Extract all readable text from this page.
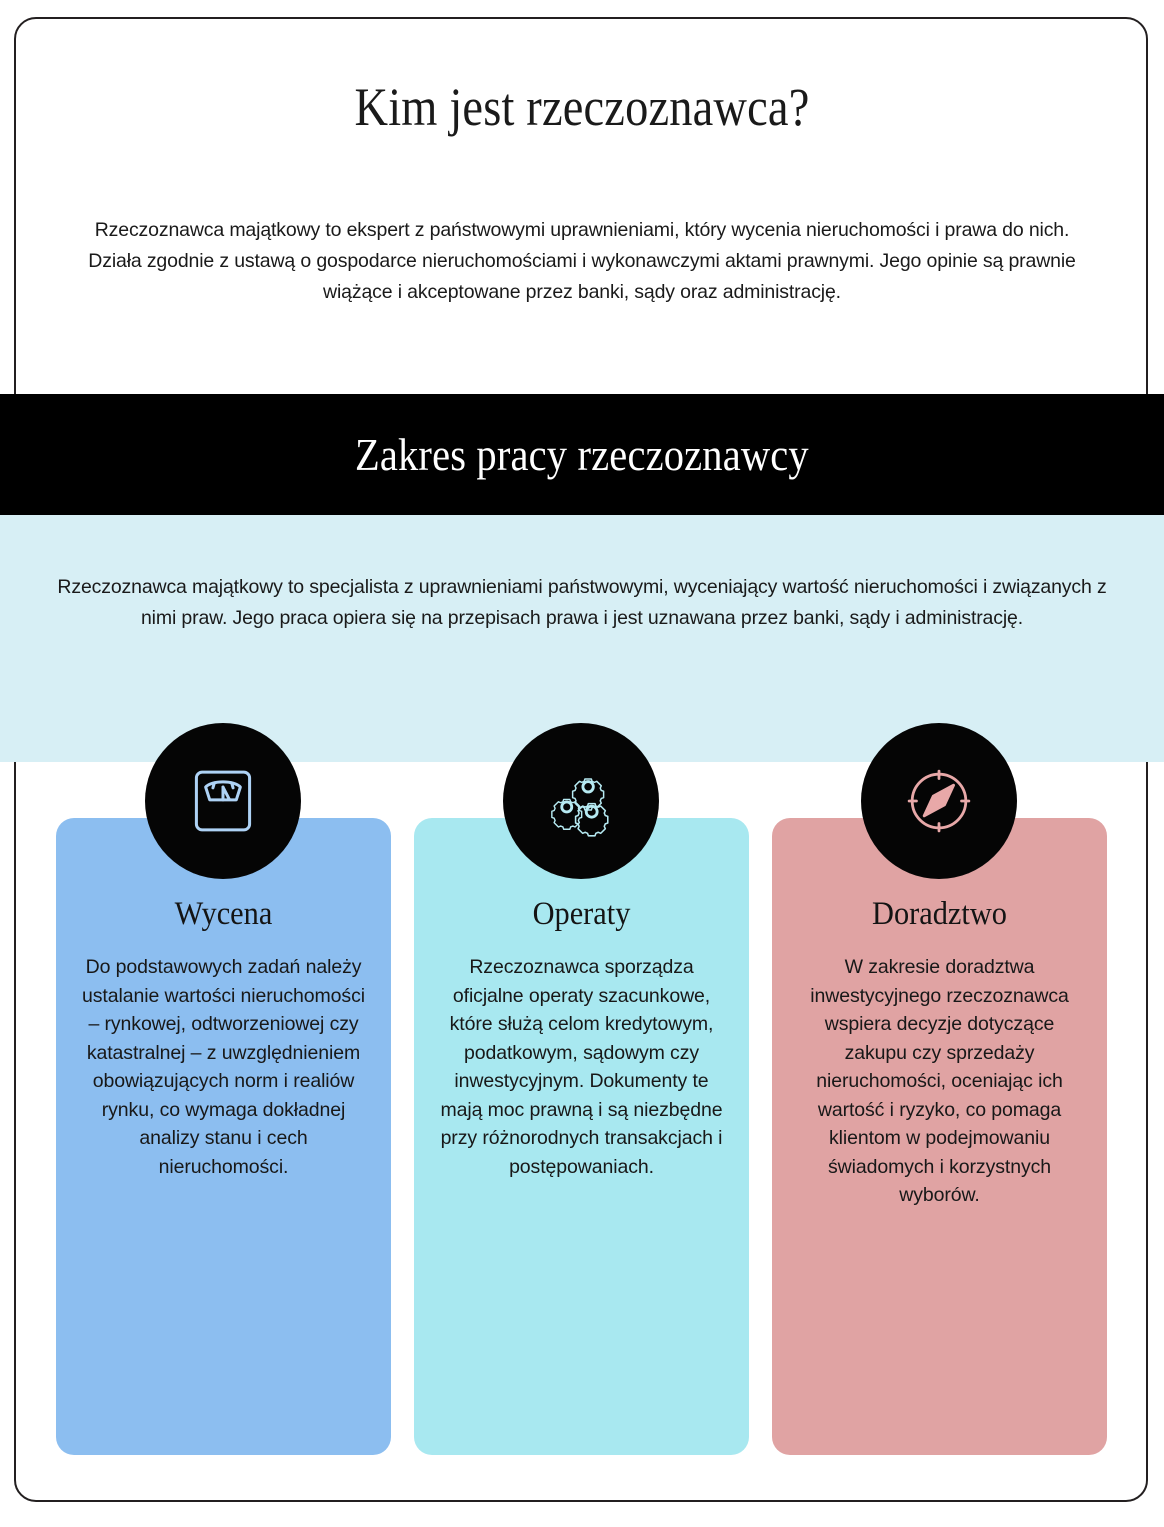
Kim jest rzeczoznawca?
Rzeczoznawca majątkowy to ekspert z państwowymi uprawnieniami, który wycenia nieruchomości i prawa do nich. Działa zgodnie z ustawą o gospodarce nieruchomościami i wykonawczymi aktami prawnymi. Jego opinie są prawnie wiążące i akceptowane przez banki, sądy oraz administrację.
Zakres pracy rzeczoznawcy
Rzeczoznawca majątkowy to specjalista z uprawnieniami państwowymi, wyceniający wartość nieruchomości i związanych z nimi praw. Jego praca opiera się na przepisach prawa i jest uznawana przez banki, sądy i administrację.
Wycena
Do podstawowych zadań należy ustalanie wartości nieruchomości – rynkowej, odtworzeniowej czy katastralnej – z uwzględnieniem obowiązujących norm i realiów rynku, co wymaga dokładnej analizy stanu i cech nieruchomości.
Operaty
Rzeczoznawca sporządza oficjalne operaty szacunkowe, które służą celom kredytowym, podatkowym, sądowym czy inwestycyjnym. Dokumenty te mają moc prawną i są niezbędne przy różnorodnych transakcjach i postępowaniach.
Doradztwo
W zakresie doradztwa inwestycyjnego rzeczoznawca wspiera decyzje dotyczące zakupu czy sprzedaży nieruchomości, oceniając ich wartość i ryzyko, co pomaga klientom w podejmowaniu świadomych i korzystnych wyborów.
